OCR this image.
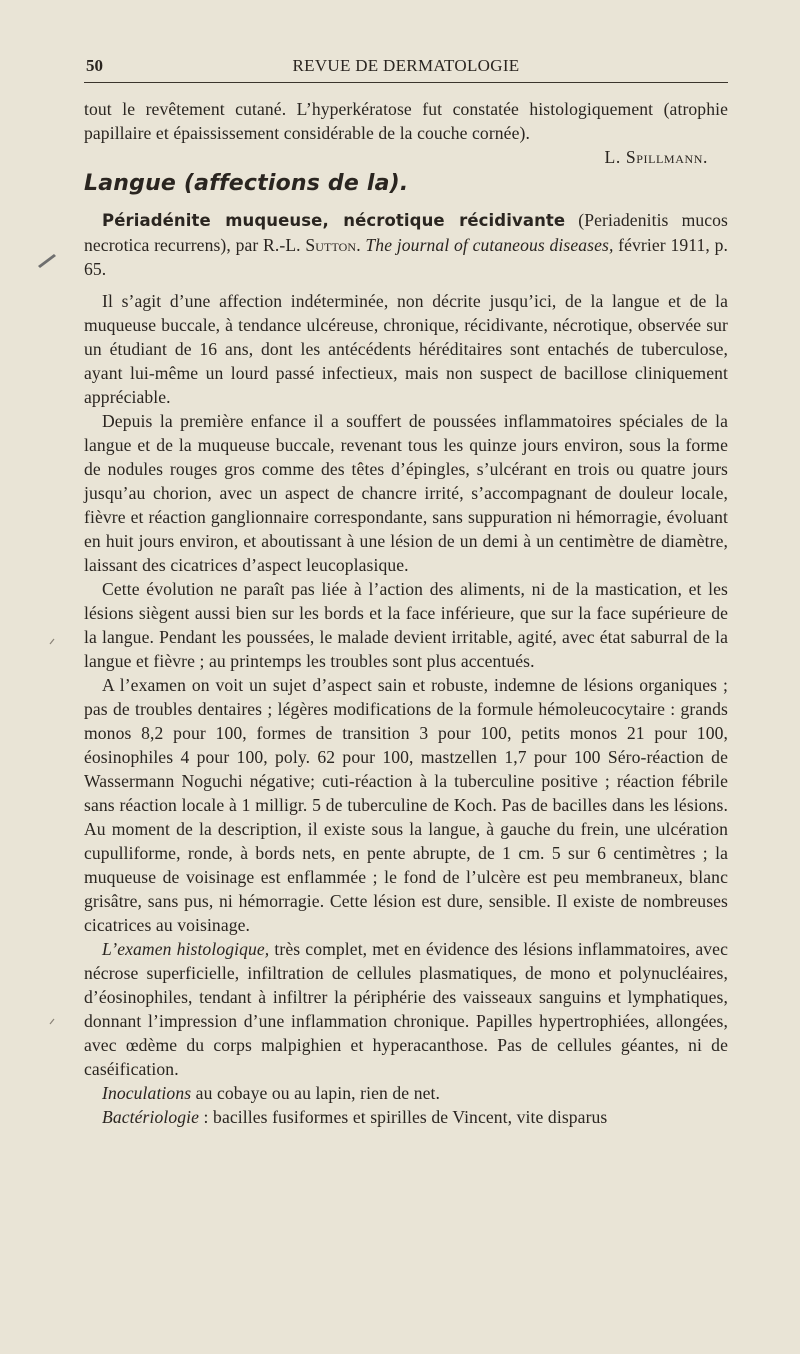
50	REVUE DE DERMATOLOGIE

tout le revêtement cutané. L’hyperkératose fut constatée histologiquement (atrophie papillaire et épaississement considérable de la couche cornée).

L. Spillmann.

Langue (affections de la).

Périadénite muqueuse, nécrotique récidivante (Periadenitis mucos necrotica recurrens), par R.-L. Sutton. The journal of cutaneous diseases, février 1911, p. 65.

Il s’agit d’une affection indéterminée, non décrite jusqu’ici, de la langue et de la muqueuse buccale, à tendance ulcéreuse, chronique, récidivante, nécrotique, observée sur un étudiant de 16 ans, dont les antécédents héréditaires sont entachés de tuberculose, ayant lui-même un lourd passé infectieux, mais non suspect de bacillose cliniquement appréciable.

Depuis la première enfance il a souffert de poussées inflammatoires spéciales de la langue et de la muqueuse buccale, revenant tous les quinze jours environ, sous la forme de nodules rouges gros comme des têtes d’épingles, s’ulcérant en trois ou quatre jours jusqu’au chorion, avec un aspect de chancre irrité, s’accompagnant de douleur locale, fièvre et réaction ganglionnaire correspondante, sans suppuration ni hémorragie, évoluant en huit jours environ, et aboutissant à une lésion de un demi à un centimètre de diamètre, laissant des cicatrices d’aspect leucoplasique.

Cette évolution ne paraît pas liée à l’action des aliments, ni de la mastication, et les lésions siègent aussi bien sur les bords et la face inférieure, que sur la face supérieure de la langue. Pendant les poussées, le malade devient irritable, agité, avec état saburral de la langue et fièvre ; au printemps les troubles sont plus accentués.

A l’examen on voit un sujet d’aspect sain et robuste, indemne de lésions organiques ; pas de troubles dentaires ; légères modifications de la formule hémoleucocytaire : grands monos 8,2 pour 100, formes de transition 3 pour 100, petits monos 21 pour 100, éosinophiles 4 pour 100, poly. 62 pour 100, mastzellen 1,7 pour 100 Séro-réaction de Wassermann Noguchi négative; cuti-réaction à la tuberculine positive ; réaction fébrile sans réaction locale à 1 milligr. 5 de tuberculine de Koch. Pas de bacilles dans les lésions. Au moment de la description, il existe sous la langue, à gauche du frein, une ulcération cupulliforme, ronde, à bords nets, en pente abrupte, de 1 cm. 5 sur 6 centimètres ; la muqueuse de voisinage est enflammée ; le fond de l’ulcère est peu membraneux, blanc grisâtre, sans pus, ni hémorragie. Cette lésion est dure, sensible. Il existe de nombreuses cicatrices au voisinage.

L’examen histologique, très complet, met en évidence des lésions inflammatoires, avec nécrose superficielle, infiltration de cellules plasmatiques, de mono et polynucléaires, d’éosinophiles, tendant à infiltrer la périphérie des vaisseaux sanguins et lymphatiques, donnant l’impression d’une inflammation chronique. Papilles hypertrophiées, allongées, avec œdème du corps malpighien et hyperacanthose. Pas de cellules géantes, ni de caséification.

Inoculations au cobaye ou au lapin, rien de net.

Bactériologie : bacilles fusiformes et spirilles de Vincent, vite disparus
